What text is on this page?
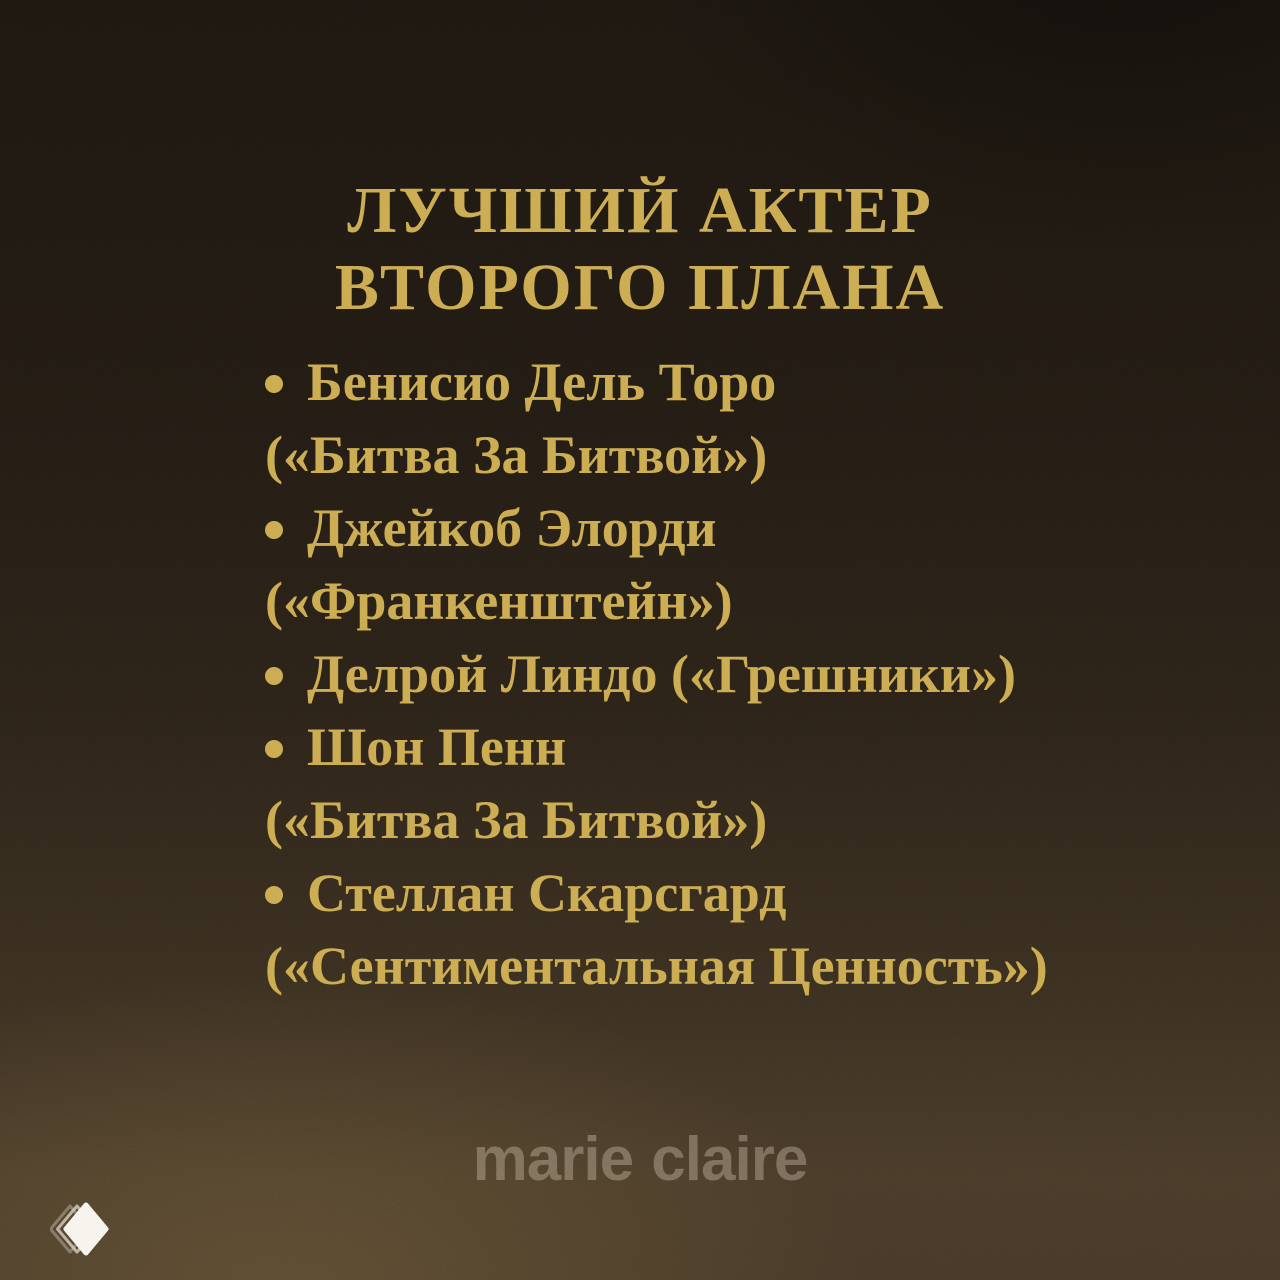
ЛУЧШИЙ АКТЕР
ВТОРОГО ПЛАНА
Бенисио Дель Торо
(«Битва За Битвой»)
Джейкоб Элорди
(«Франкенштейн»)
Делрой Линдо («Грешники»)
Шон Пенн
(«Битва За Битвой»)
Стеллан Скарсгард
(«Сентиментальная Ценность»)
marie claire
